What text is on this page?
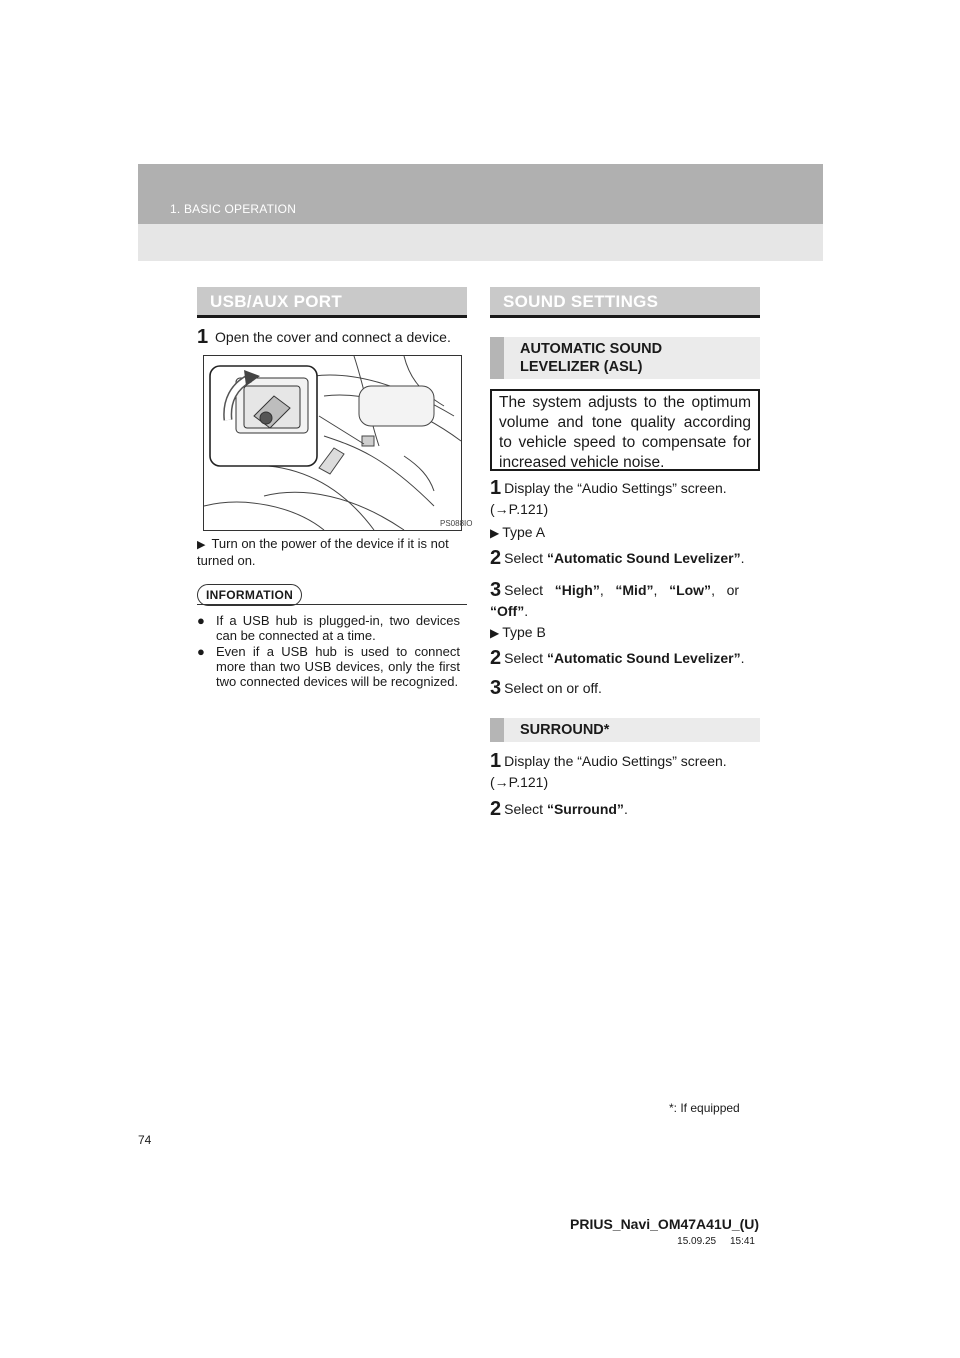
1. BASIC OPERATION
USB/AUX PORT
1 Open the cover and connect a device.
PS088IO
▶ Turn on the power of the device if it is not turned on.
INFORMATION
● If a USB hub is plugged-in, two devices can be connected at a time.
● Even if a USB hub is used to connect more than two USB devices, only the first two connected devices will be recognized.
SOUND SETTINGS
AUTOMATIC SOUND LEVELIZER (ASL)
The system adjusts to the optimum volume and tone quality according to vehicle speed to compensate for increased vehicle noise.
1 Display the “Audio Settings” screen. (→P.121)
▶ Type A
2 Select “Automatic Sound Levelizer”.
3 Select “High”,   “Mid”,   “Low”,   or
“Off”.
▶ Type B
2 Select “Automatic Sound Levelizer”.
3 Select on or off.
SURROUND*
1 Display the “Audio Settings” screen. (→P.121)
2 Select “Surround”.
*: If equipped
74
PRIUS_Navi_OM47A41U_(U)
15.09.25     15:41
